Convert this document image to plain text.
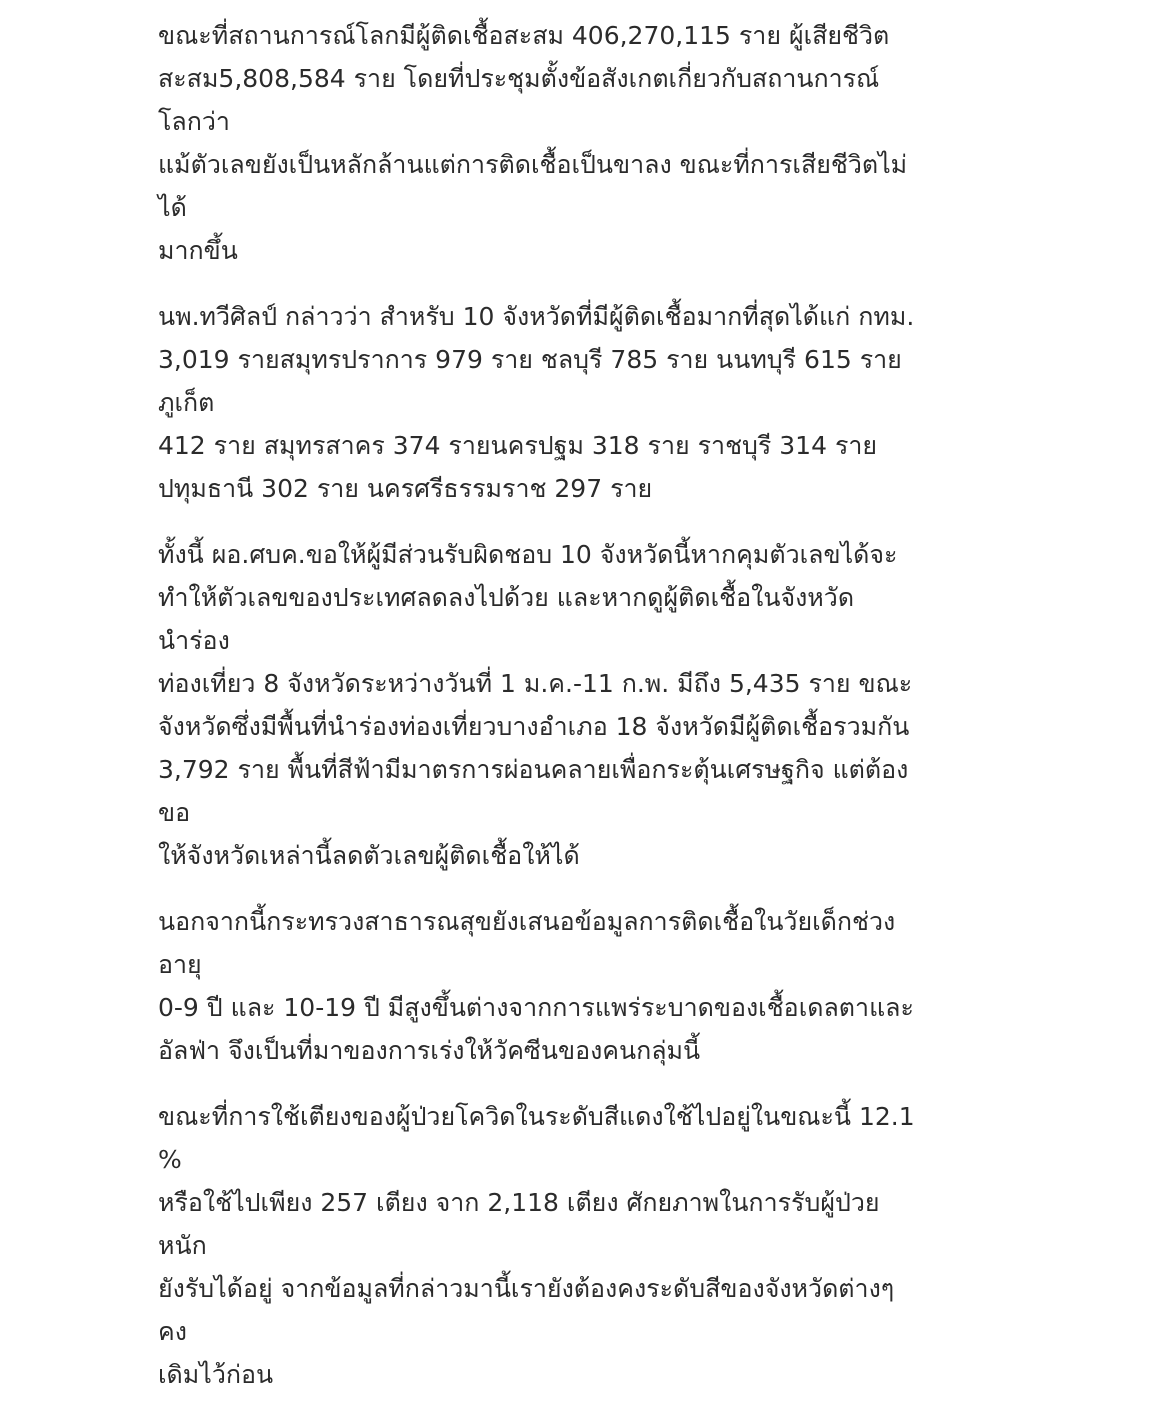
ขณะที่สถานการณ์โลกมีผู้ติดเชื้อสะสม 406,270,115 ราย ผู้เสียชีวิต
สะสม5,808,584 ราย โดยที่ประชุมตั้งข้อสังเกตเกี่ยวกับสถานการณ์โลกว่า
แม้ตัวเลขยังเป็นหลักล้านแต่การติดเชื้อเป็นขาลง ขณะที่การเสียชีวิตไม่ได้
มากขึ้น

นพ.ทวีศิลป์ กล่าวว่า สำหรับ 10 จังหวัดที่มีผู้ติดเชื้อมากที่สุดได้แก่ กทม.
3,019 รายสมุทรปราการ 979 ราย ชลบุรี 785 ราย นนทบุรี 615 ราย ภูเก็ต
412 ราย สมุทรสาคร 374 รายนครปฐม 318 ราย ราชบุรี 314 ราย
ปทุมธานี 302 ราย นครศรีธรรมราช 297 ราย

ทั้งนี้ ผอ.ศบค.ขอให้ผู้มีส่วนรับผิดชอบ 10 จังหวัดนี้หากคุมตัวเลขได้จะ
ทำให้ตัวเลขของประเทศลดลงไปด้วย และหากดูผู้ติดเชื้อในจังหวัดนำร่อง
ท่องเที่ยว 8 จังหวัดระหว่างวันที่ 1 ม.ค.-11 ก.พ. มีถึง 5,435 ราย ขณะ
จังหวัดซึ่งมีพื้นที่นำร่องท่องเที่ยวบางอำเภอ 18 จังหวัดมีผู้ติดเชื้อรวมกัน
3,792 ราย พื้นที่สีฟ้ามีมาตรการผ่อนคลายเพื่อกระตุ้นเศรษฐกิจ แต่ต้องขอ
ให้จังหวัดเหล่านี้ลดตัวเลขผู้ติดเชื้อให้ได้

นอกจากนี้กระทรวงสาธารณสุขยังเสนอข้อมูลการติดเชื้อในวัยเด็กช่วงอายุ
0-9 ปี และ 10-19 ปี มีสูงขึ้นต่างจากการแพร่ระบาดของเชื้อเดลตาและ
อัลฟ่า จึงเป็นที่มาของการเร่งให้วัคซีนของคนกลุ่มนี้

ขณะที่การใช้เตียงของผู้ป่วยโควิดในระดับสีแดงใช้ไปอยู่ในขณะนี้ 12.1 %
หรือใช้ไปเพียง 257 เตียง จาก 2,118 เตียง ศักยภาพในการรับผู้ป่วยหนัก
ยังรับได้อยู่ จากข้อมูลที่กล่าวมานี้เรายังต้องคงระดับสีของจังหวัดต่างๆคง
เดิมไว้ก่อน
